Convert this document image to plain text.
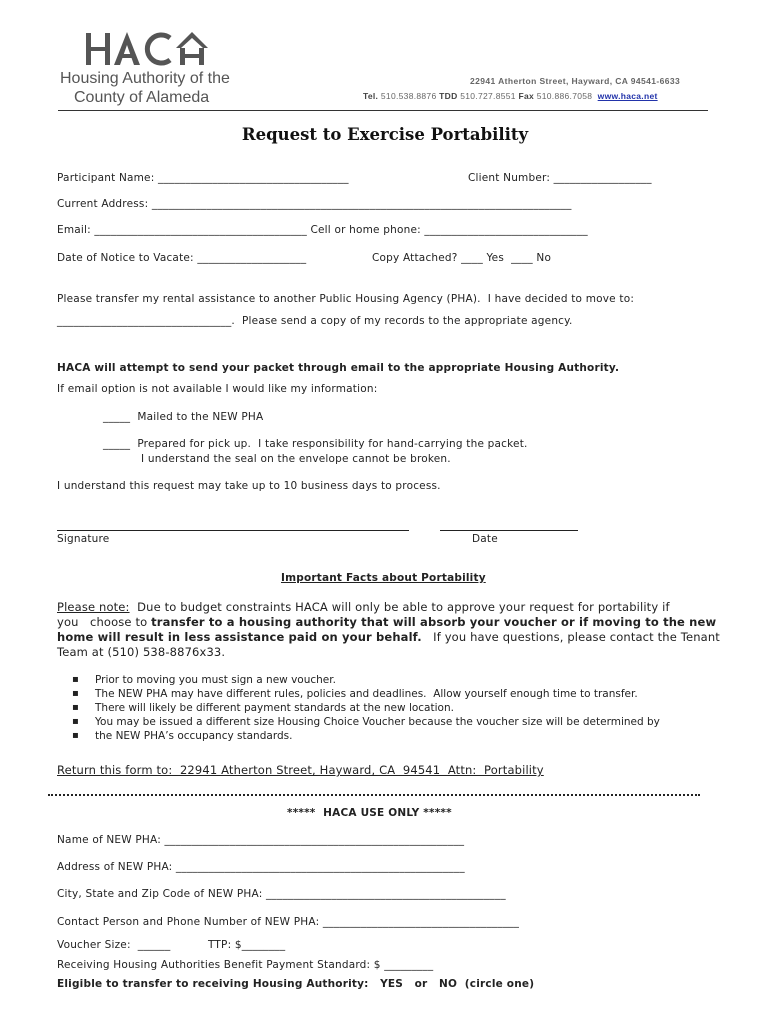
Housing Authority of the
County of Alameda
22941 Atherton Street, Hayward, CA 94541-6633
Tel. 510.538.8876 TDD 510.727.8551 Fax 510.886.7058 www.haca.net
Request to Exercise Portability
Participant Name: ___________________________________	Client Number: __________________
Current Address: _____________________________________________________________________________
Email: _______________________________________ Cell or home phone: ______________________________
Date of Notice to Vacate: ____________________	Copy Attached? ____ Yes  ____ No
Please transfer my rental assistance to another Public Housing Agency (PHA).  I have decided to move to:
________________________________.  Please send a copy of my records to the appropriate agency.
HACA will attempt to send your packet through email to the appropriate Housing Authority.
If email option is not available I would like my information:
_____  Mailed to the NEW PHA
_____  Prepared for pick up.  I take responsibility for hand-carrying the packet.
I understand the seal on the envelope cannot be broken.
I understand this request may take up to 10 business days to process.
Signature	Date
Important Facts about Portability
Please note:  Due to budget constraints HACA will only be able to approve your request for portability if
you   choose to transfer to a housing authority that will absorb your voucher or if moving to the new
home will result in less assistance paid on your behalf.   If you have questions, please contact the Tenant
Team at (510) 538-8876x33.
▪ Prior to moving you must sign a new voucher.
▪ The NEW PHA may have different rules, policies and deadlines.  Allow yourself enough time to transfer.
▪ There will likely be different payment standards at the new location.
▪ You may be issued a different size Housing Choice Voucher because the voucher size will be determined by
▪ the NEW PHA’s occupancy standards.
Return this form to:  22941 Atherton Street, Hayward, CA  94541  Attn:  Portability
*****  HACA USE ONLY *****
Name of NEW PHA: _______________________________________________________
Address of NEW PHA: _____________________________________________________
City, State and Zip Code of NEW PHA: ____________________________________________
Contact Person and Phone Number of NEW PHA: ____________________________________
Voucher Size:  ______	TTP: $________
Receiving Housing Authorities Benefit Payment Standard: $ _________
Eligible to transfer to receiving Housing Authority:   YES   or   NO  (circle one)
